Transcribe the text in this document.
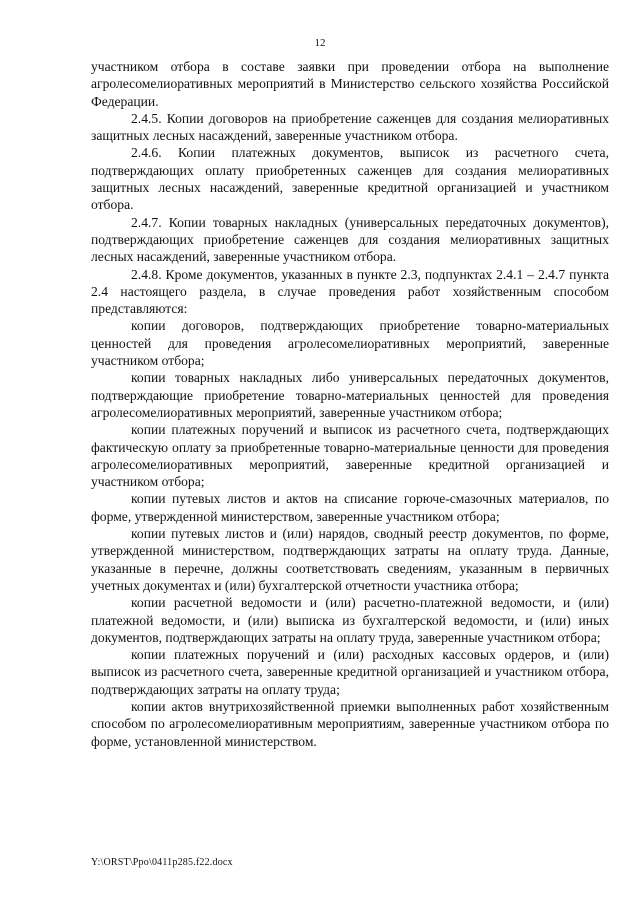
12

участником отбора в составе заявки при проведении отбора на выполнение агролесомелиоративных мероприятий в Министерство сельского хозяйства Российской Федерации.

2.4.5. Копии договоров на приобретение саженцев для создания мелиоративных защитных лесных насаждений, заверенные участником отбора.

2.4.6. Копии платежных документов, выписок из расчетного счета, подтверждающих оплату приобретенных саженцев для создания мелиоративных защитных лесных насаждений, заверенные кредитной организацией и участником отбора.

2.4.7. Копии товарных накладных (универсальных передаточных документов), подтверждающих приобретение саженцев для создания мелиоративных защитных лесных насаждений, заверенные участником отбора.

2.4.8. Кроме документов, указанных в пункте 2.3, подпунктах 2.4.1 – 2.4.7 пункта 2.4 настоящего раздела, в случае проведения работ хозяйственным способом представляются:

копии договоров, подтверждающих приобретение товарно-материальных ценностей для проведения агролесомелиоративных мероприятий, заверенные участником отбора;

копии товарных накладных либо универсальных передаточных документов, подтверждающие приобретение товарно-материальных ценностей для проведения агролесомелиоративных мероприятий, заверенные участником отбора;

копии платежных поручений и выписок из расчетного счета, подтверждающих фактическую оплату за приобретенные товарно-материальные ценности для проведения агролесомелиоративных мероприятий, заверенные кредитной организацией и участником отбора;

копии путевых листов и актов на списание горюче-смазочных материалов, по форме, утвержденной министерством, заверенные участником отбора;

копии путевых листов и (или) нарядов, сводный реестр документов, по форме, утвержденной министерством, подтверждающих затраты на оплату труда. Данные, указанные в перечне, должны соответствовать сведениям, указанным в первичных учетных документах и (или) бухгалтерской отчетности участника отбора;

копии расчетной ведомости и (или) расчетно-платежной ведомости, и (или) платежной ведомости, и (или) выписка из бухгалтерской ведомости, и (или) иных документов, подтверждающих затраты на оплату труда, заверенные участником отбора;

копии платежных поручений и (или) расходных кассовых ордеров, и (или) выписок из расчетного счета, заверенные кредитной организацией и участником отбора, подтверждающих затраты на оплату труда;

копии актов внутрихозяйственной приемки выполненных работ хозяйственным способом по агролесомелиоративным мероприятиям, заверенные участником отбора по форме, установленной министерством.

Y:\ORST\Ppo\0411p285.f22.docx
